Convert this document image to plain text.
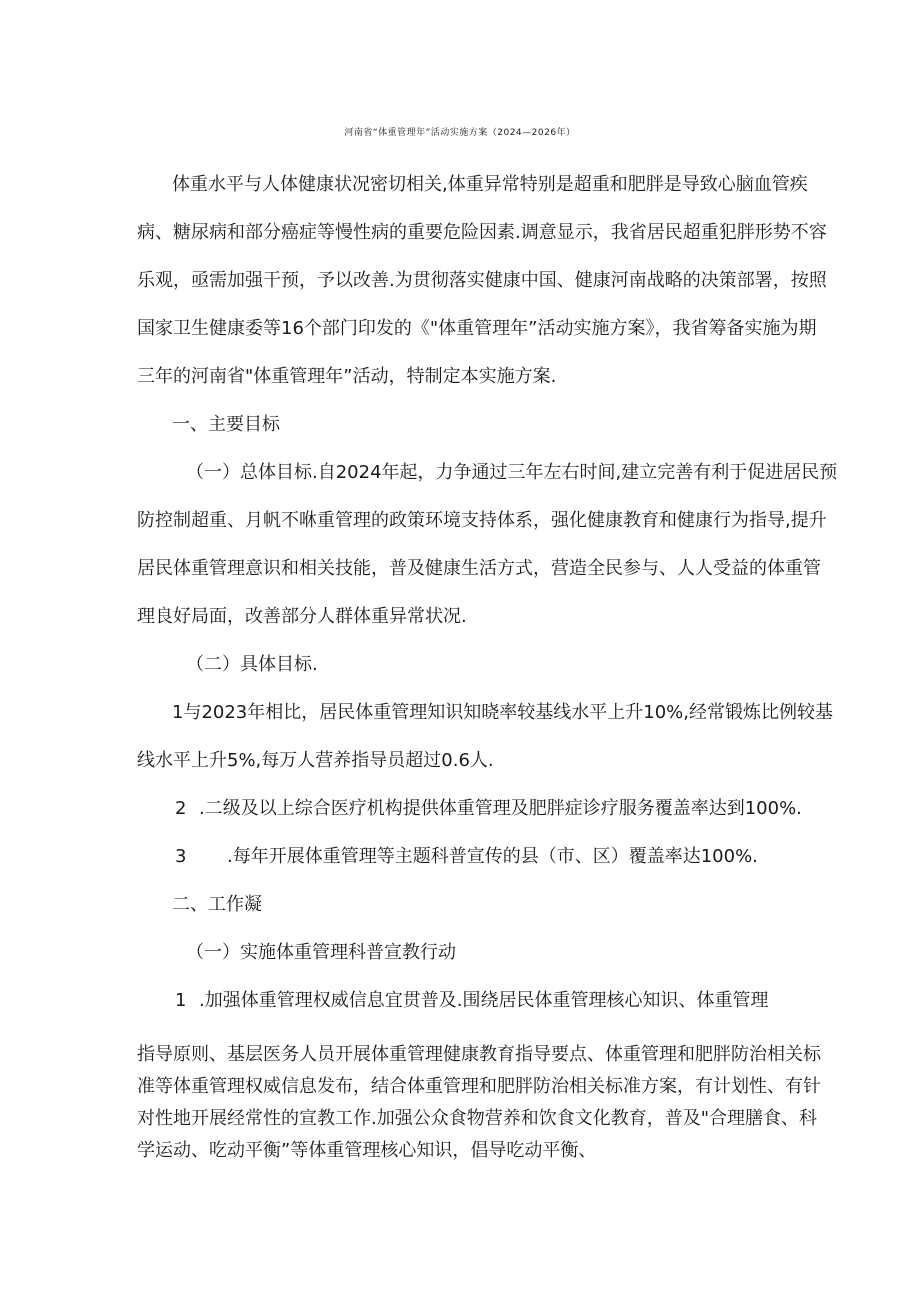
河南省“体重管理年”活动实施方案（2024—2026年）
体重水平与人体健康状况密切相关,体重异常特别是超重和肥胖是导致心脑血管疾
病、糖尿病和部分癌症等慢性病的重要危险因素.调意显示，我省居民超重犯胖形势不容
乐观，亟需加强干预，予以改善.为贯彻落实健康中国、健康河南战略的决策部署，按照
国家卫生健康委等16个部门印发的《"体重管理年”活动实施方案》，我省筹备实施为期
三年的河南省"体重管理年”活动，特制定本实施方案.
一、主要目标
（一）总体目标.自2024年起，力争通过三年左右时间,建立完善有利于促进居民预
防控制超重、月帆不咻重管理的政策环境支持体系，强化健康教育和健康行为指导,提升
居民体重管理意识和相关技能，普及健康生活方式，营造全民参与、人人受益的体重管
理良好局面，改善部分人群体重异常状况.
（二）具体目标.
1与2023年相比，居民体重管理知识知晓率较基线水平上升10%,经常锻炼比例较基
线水平上升5%,每万人营养指导员超过0.6人.
2 .二级及以上综合医疗机构提供体重管理及肥胖症诊疗服务覆盖率达到100%.
3 .每年开展体重管理等主题科普宣传的县（市、区）覆盖率达100%.
二、工作凝
（一）实施体重管理科普宣教行动
1 .加强体重管理权威信息宜贯普及.围绕居民体重管理核心知识、体重管理
指导原则、基层医务人员开展体重管理健康教育指导要点、体重管理和肥胖防治相关标
准等体重管理权威信息发布，结合体重管理和肥胖防治相关标准方案，有计划性、有针
对性地开展经常性的宣教工作.加强公众食物营养和饮食文化教育，普及"合理膳食、科
学运动、吃动平衡”等体重管理核心知识，倡导吃动平衡、
